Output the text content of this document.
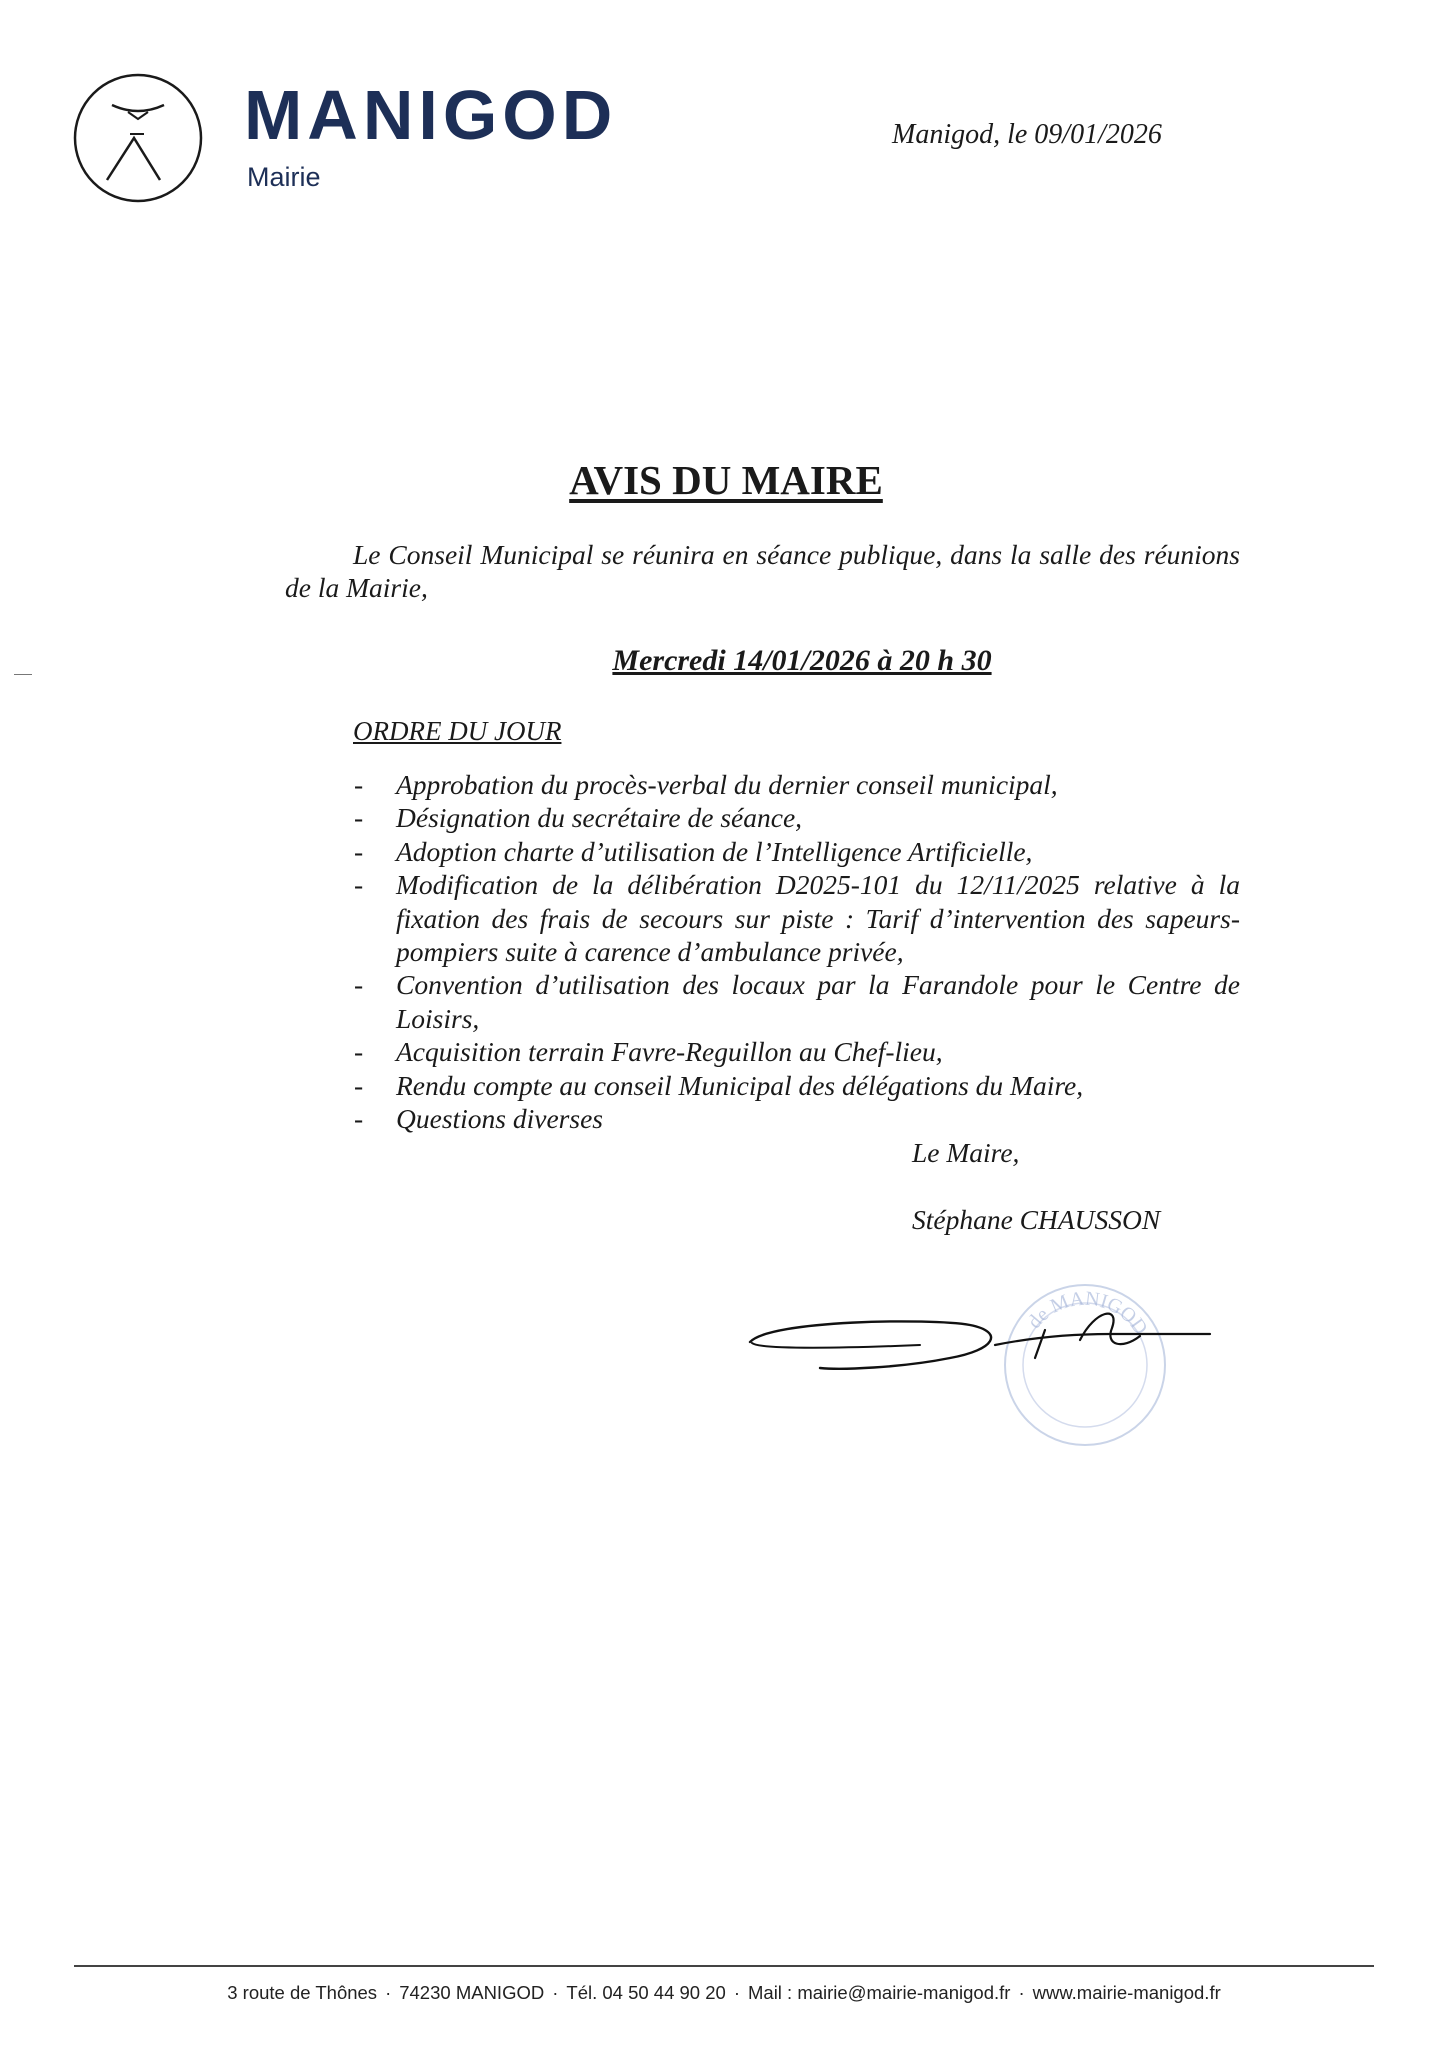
MANIGOD
Mairie
Manigod, le 09/01/2026
AVIS DU MAIRE
Le Conseil Municipal se réunira en séance publique, dans la salle des réunions de la Mairie,
Mercredi 14/01/2026 à 20 h 30
ORDRE DU JOUR
- Approbation du procès-verbal du dernier conseil municipal,
- Désignation du secrétaire de séance,
- Adoption charte d’utilisation de l’Intelligence Artificielle,
- Modification de la délibération D2025-101 du 12/11/2025 relative à la fixation des frais de secours sur piste : Tarif d’intervention des sapeurs-pompiers suite à carence d’ambulance privée,
- Convention d’utilisation des locaux par la Farandole pour le Centre de Loisirs,
- Acquisition terrain Favre-Reguillon au Chef-lieu,
- Rendu compte au conseil Municipal des délégations du Maire,
- Questions diverses
Le Maire,
Stéphane CHAUSSON
de MANIGOD
3 route de Thônes · 74230 MANIGOD · Tél. 04 50 44 90 20 · Mail : mairie@mairie-manigod.fr · www.mairie-manigod.fr
